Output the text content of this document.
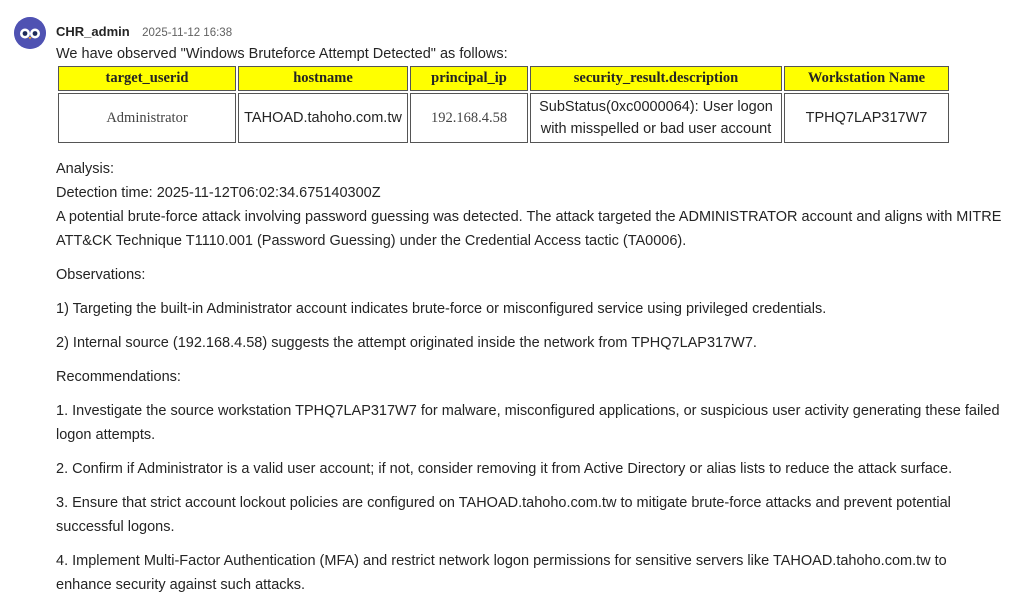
CHR_admin 2025-11-12 16:38

We have observed "Windows Bruteforce Attempt Detected" as follows:

target_userid	hostname	principal_ip	security_result.description	Workstation Name
Administrator	TAHOAD.tahoho.com.tw	192.168.4.58	SubStatus(0xc0000064): User logon with misspelled or bad user account	TPHQ7LAP317W7

Analysis:

Detection time: 2025-11-12T06:02:34.675140300Z

A potential brute-force attack involving password guessing was detected. The attack targeted the ADMINISTRATOR account and aligns with MITRE ATT&CK Technique T1110.001 (Password Guessing) under the Credential Access tactic (TA0006).

Observations:

1) Targeting the built-in Administrator account indicates brute-force or misconfigured service using privileged credentials.

2) Internal source (192.168.4.58) suggests the attempt originated inside the network from TPHQ7LAP317W7.

Recommendations:

1. Investigate the source workstation TPHQ7LAP317W7 for malware, misconfigured applications, or suspicious user activity generating these failed logon attempts.

2. Confirm if Administrator is a valid user account; if not, consider removing it from Active Directory or alias lists to reduce the attack surface.

3. Ensure that strict account lockout policies are configured on TAHOAD.tahoho.com.tw to mitigate brute-force attacks and prevent potential successful logons.

4. Implement Multi-Factor Authentication (MFA) and restrict network logon permissions for sensitive servers like TAHOAD.tahoho.com.tw to enhance security against such attacks.
